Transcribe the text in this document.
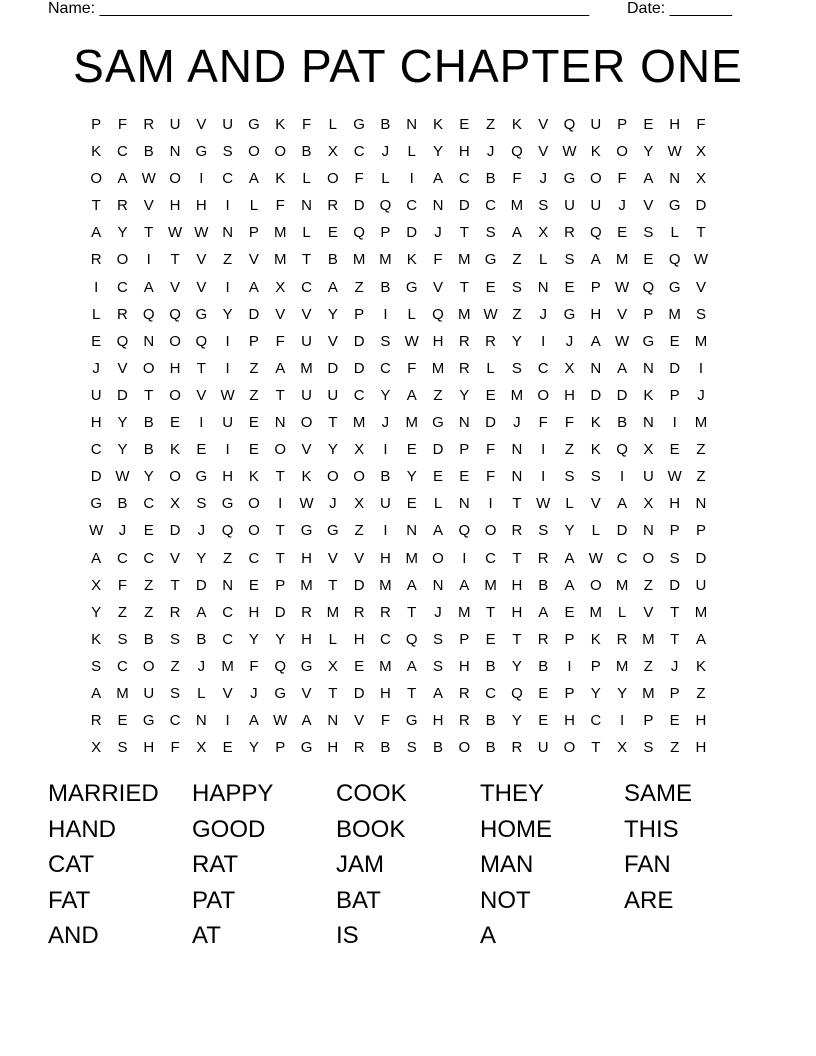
Name: _______________________________________________________ Date: _______
SAM AND PAT CHAPTER ONE
P	F	R	U	V	U	G	K	F	L	G	B	N	K	E	Z	K	V	Q	U	P	E	H	F
K	C	B	N	G	S	O O	B	X	C	J	L	Y	H	J	Q	V W K	O	Y W X
O	A W O	I	C	A	K	L	O	F	L	I	A	C	B	F	J	G O	F	A	N	X
T	R	V	H	H	I	L	F	N	R	D	Q	C	N	D	C M	S	U	U	J	V	G	D
A	Y	T W W N	P	M	L	E	Q	P	D	J	T	S	A	X	R	Q	E	S	L	T
R	O	I	T	V	Z	V	M	T	B	M M	K	F	M G	Z	L	S	A	M	E	Q W
I	C	A	V	V	I	A	X	C	A	Z	B	G	V	T	E	S	N	E	P W Q G	V
L	R	Q Q G	Y	D	V	V	Y	P	I	L	Q M W Z	J	G	H	V	P	M	S
E	Q	N	O Q	I	P	F	U	V	D	S W H	R	R	Y	I	J	A W G	E	M
J	V	O	H	T	I	Z	A	M D	D	C	F	M R	L	S	C	X	N	A	N	D	I
U	D	T	O	V W Z	T	U	U	C	Y	A	Z	Y	E	M O	H	D	D	K	P	J
H	Y	B	E	I	U	E	N	O	T	M	J	M G	N	D	J	F	F	K	B	N	I	M
C	Y	B	K	E	I	E	O	V	Y	X	I	E	D	P	F	N	I	Z	K	Q	X	E	Z
D W Y	O G	H	K	T	K	O O	B	Y	E	E	F	N	I	S	S	I	U W Z
G	B	C	X	S	G O	I	W	J	X	U	E	L	N	I	T W	L	V	A	X	H	N
W	J	E	D	J	Q O	T	G G	Z	I	N	A	Q O	R	S	Y	L	D	N	P	P
A	C	C	V	Y	Z	C	T	H	V	V	H M O	I	C	T	R	A W C	O	S	D
X	F	Z	T	D	N	E	P	M	T	D M	A	N	A	M H	B	A	O M	Z	D	U
Y	Z	Z	R	A	C	H	D	R M R	R	T	J	M	T	H	A	E	M	L	V	T	M
K	S	B	S	B	C	Y	Y	H	L	H	C	Q	S	P	E	T	R	P	K	R M	T	A
S	C	O	Z	J	M	F	Q G	X	E	M	A	S	H	B	Y	B	I	P	M	Z	J	K
A	M U	S	L	V	J	G	V	T	D	H	T	A	R	C	Q	E	P	Y	Y	M	P	Z
R	E	G	C	N	I	A W A	N	V	F	G	H	R	B	Y	E	H	C	I	P	E	H
X	S	H	F	X	E	Y	P	G	H	R	B	S	B	O	B	R	U	O	T	X	S	Z	H
MARRIED	HAPPY	COOK	THEY	SAME
HAND	GOOD	BOOK	HOME	THIS
CAT	RAT	JAM	MAN	FAN
FAT	PAT	BAT	NOT	ARE
AND	AT	IS	A
